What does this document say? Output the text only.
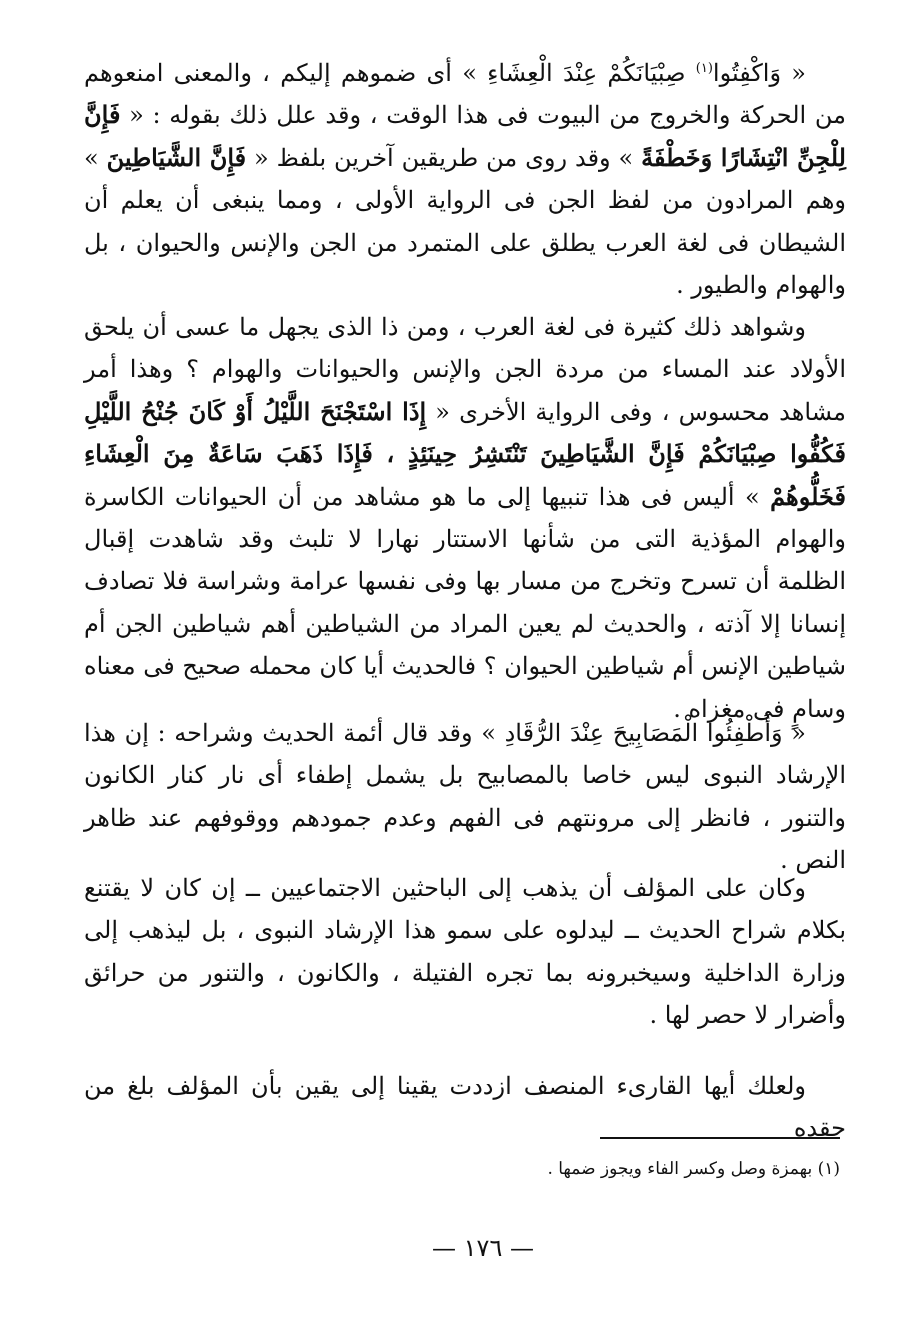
« وَاكْفِتُوا$^{(١)}$ صِبْيَانَكُمْ عِنْدَ الْعِشَاءِ » أى ضموهم إليكم ، والمعنى امنعوهم من الحركة والخروج من البيوت فى هذا الوقت ، وقد علل ذلك بقوله : « فَإِنَّ لِلْجِنِّ انْتِشَارًا وَخَطْفَةً » وقد روى من طريقين آخرين بلفظ « فَإِنَّ الشَّيَاطِينَ » وهم المرادون من لفظ الجن فى الرواية الأولى ، ومما ينبغى أن يعلم أن الشيطان فى لغة العرب يطلق على المتمرد من الجن والإنس والحيوان ، بل والهوام والطيور .

وشواهد ذلك كثيرة فى لغة العرب ، ومن ذا الذى يجهل ما عسى أن يلحق الأولاد عند المساء من مردة الجن والإنس والحيوانات والهوام ؟ وهذا أمر مشاهد محسوس ، وفى الرواية الأخرى « إِذَا اسْتَجْنَحَ اللَّيْلُ أَوْ كَانَ جُنْحُ اللَّيْلِ فَكُفُّوا صِبْيَانَكُمْ فَإِنَّ الشَّيَاطِينَ تَنْتَشِرُ حِينَئِذٍ ، فَإِذَا ذَهَبَ سَاعَةٌ مِنَ الْعِشَاءِ فَخَلُّوهُمْ » أليس فى هذا تنبيها إلى ما هو مشاهد من أن الحيوانات الكاسرة والهوام المؤذية التى من شأنها الاستتار نهارا لا تلبث وقد شاهدت إقبال الظلمة أن تسرح وتخرج من مسار بها وفى نفسها عرامة وشراسة فلا تصادف إنسانا إلا آذته ، والحديث لم يعين المراد من الشياطين أهم شياطين الجن أم شياطين الإنس أم شياطين الحيوان ؟ فالحديث أيا كان محمله صحيح فى معناه وسامٍ فى مغزاه .

« وَأَطْفِئُوا الْمَصَابِيحَ عِنْدَ الرُّقَادِ » وقد قال أئمة الحديث وشراحه : إن هذا الإرشاد النبوى ليس خاصا بالمصابيح بل يشمل إطفاء أى نار كنار الكانون والتنور ، فانظر إلى مرونتهم فى الفهم وعدم جمودهم ووقوفهم عند ظاهر النص .

وكان على المؤلف أن يذهب إلى الباحثين الاجتماعيين ــ إن كان لا يقتنع بكلام شراح الحديث ــ ليدلوه على سمو هذا الإرشاد النبوى ، بل ليذهب إلى وزارة الداخلية وسيخبرونه بما تجره الفتيلة ، والكانون ، والتنور من حرائق وأضرار لا حصر لها .

ولعلك أيها القارىء المنصف ازددت يقينا إلى يقين بأن المؤلف بلغ من حقده

(١) بهمزة وصل وكسر الفاء ويجوز ضمها .

— ١٧٦ —
